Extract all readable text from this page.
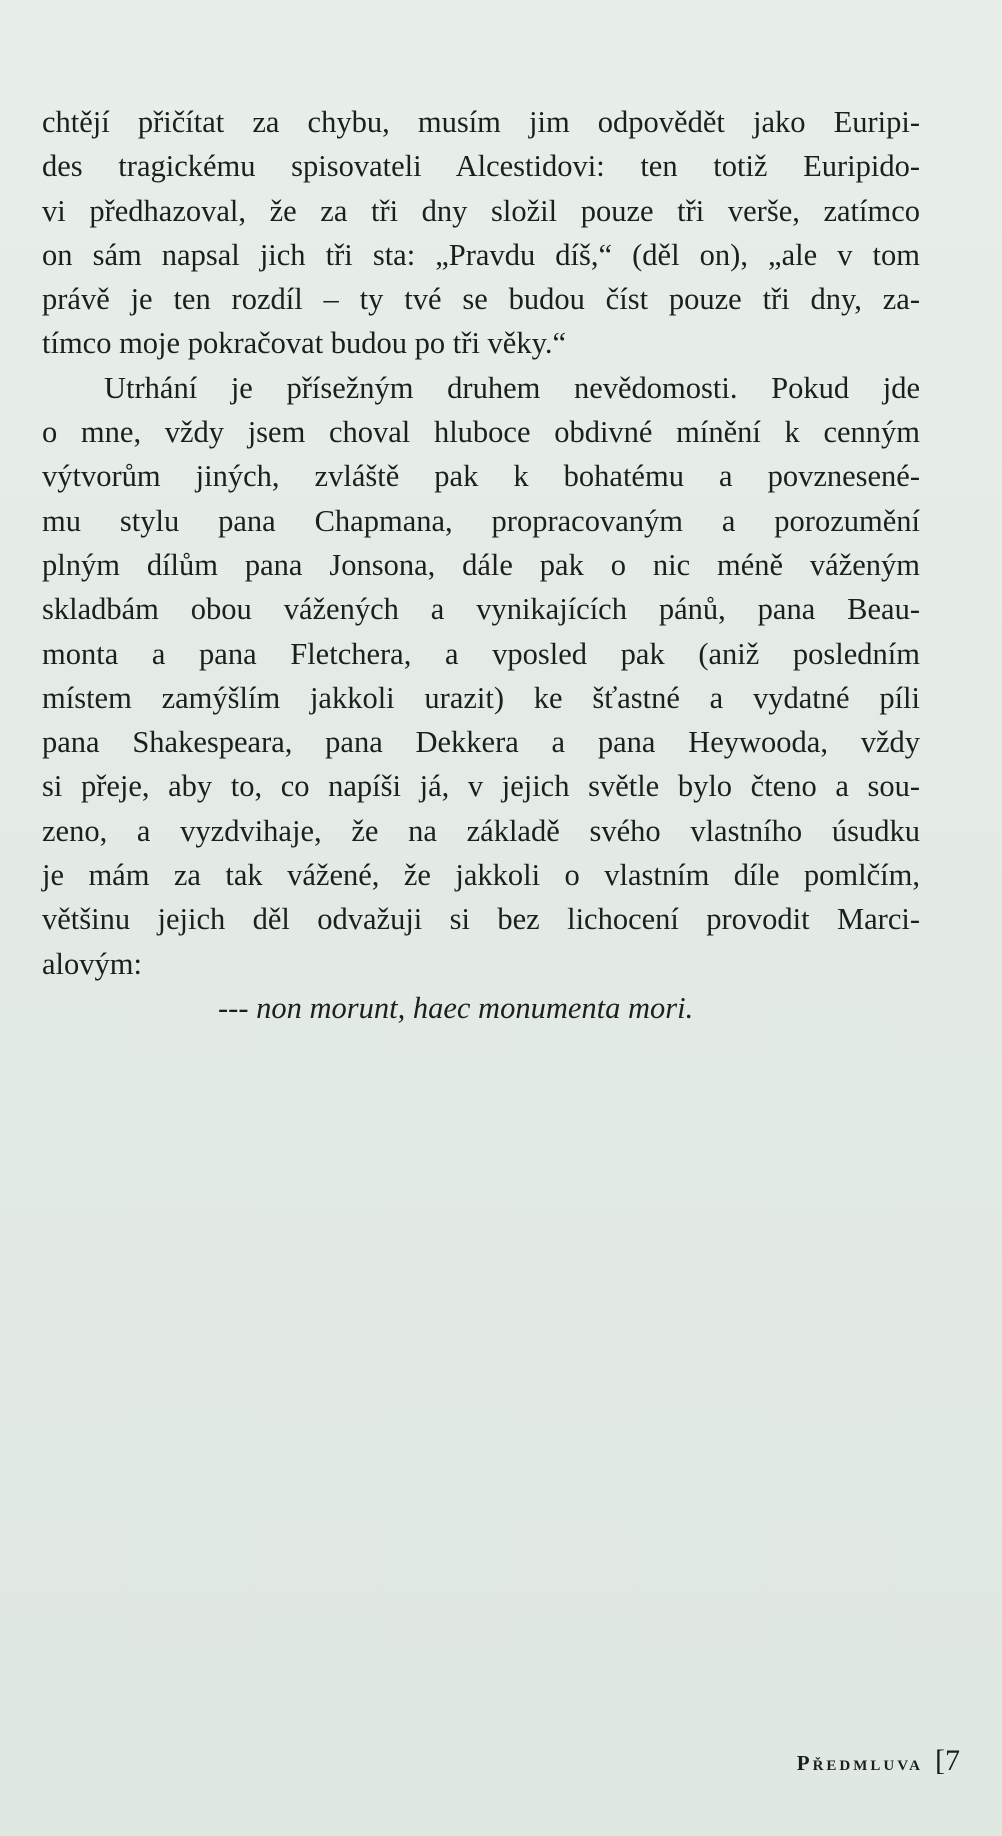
chtějí přičítat za chybu, musím jim odpovědět jako Euripi-
des tragickému spisovateli Alcestidovi: ten totiž Euripido-
vi předhazoval, že za tři dny složil pouze tři verše, zatímco
on sám napsal jich tři sta: „Pravdu díš,“ (děl on), „ale v tom
právě je ten rozdíl – ty tvé se budou číst pouze tři dny, za-
tímco moje pokračovat budou po tři věky.“
Utrhání je přísežným druhem nevědomosti. Pokud jde
o mne, vždy jsem choval hluboce obdivné mínění k cenným
výtvorům jiných, zvláště pak k bohatému a povznesené-
mu stylu pana Chapmana, propracovaným a porozumění
plným dílům pana Jonsona, dále pak o nic méně váženým
skladbám obou vážených a vynikajících pánů, pana Beau-
monta a pana Fletchera, a vposled pak (aniž posledním
místem zamýšlím jakkoli urazit) ke šťastné a vydatné píli
pana Shakespeara, pana Dekkera a pana Heywooda, vždy
si přeje, aby to, co napíši já, v jejich světle bylo čteno a sou-
zeno, a vyzdvihaje, že na základě svého vlastního úsudku
je mám za tak vážené, že jakkoli o vlastním díle pomlčím,
většinu jejich děl odvažuji si bez lichocení provodit Marci-
alovým:
--- non morunt, haec monumenta mori.
Předmluva [7
